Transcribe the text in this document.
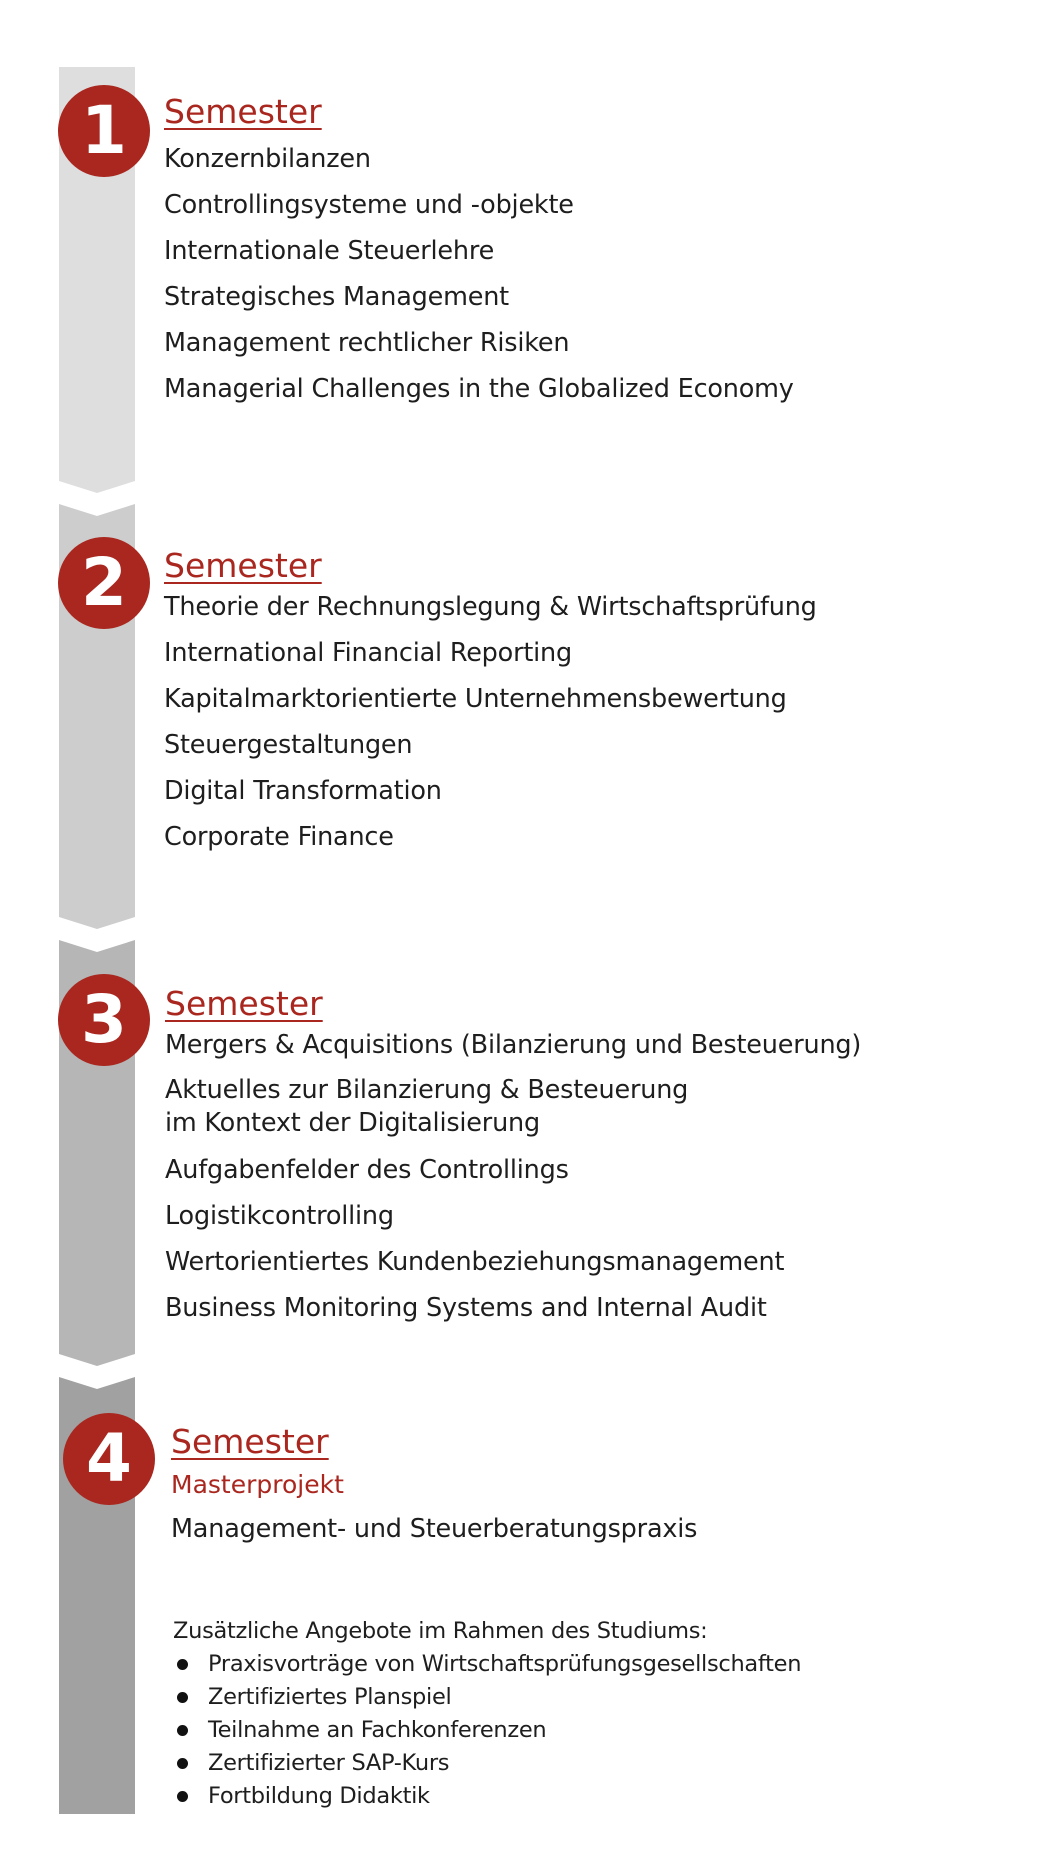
1
2
3
4
Semester
Konzernbilanzen
Controllingsysteme und -objekte
Internationale Steuerlehre
Strategisches Management
Management rechtlicher Risiken
Managerial Challenges in the Globalized Economy
Semester
Theorie der Rechnungslegung & Wirtschaftsprüfung
International Financial Reporting
Kapitalmarktorientierte Unternehmensbewertung
Steuergestaltungen
Digital Transformation
Corporate Finance
Semester
Mergers & Acquisitions (Bilanzierung und Besteuerung)
Aktuelles zur Bilanzierung & Besteuerung
im Kontext der Digitalisierung
Aufgabenfelder des Controllings
Logistikcontrolling
Wertorientiertes Kundenbeziehungsmanagement
Business Monitoring Systems and Internal Audit
Semester
Masterprojekt
Management- und Steuerberatungspraxis
Zusätzliche Angebote im Rahmen des Studiums:
Praxisvorträge von Wirtschaftsprüfungsgesellschaften
Zertifiziertes Planspiel
Teilnahme an Fachkonferenzen
Zertifizierter SAP-Kurs
Fortbildung Didaktik
